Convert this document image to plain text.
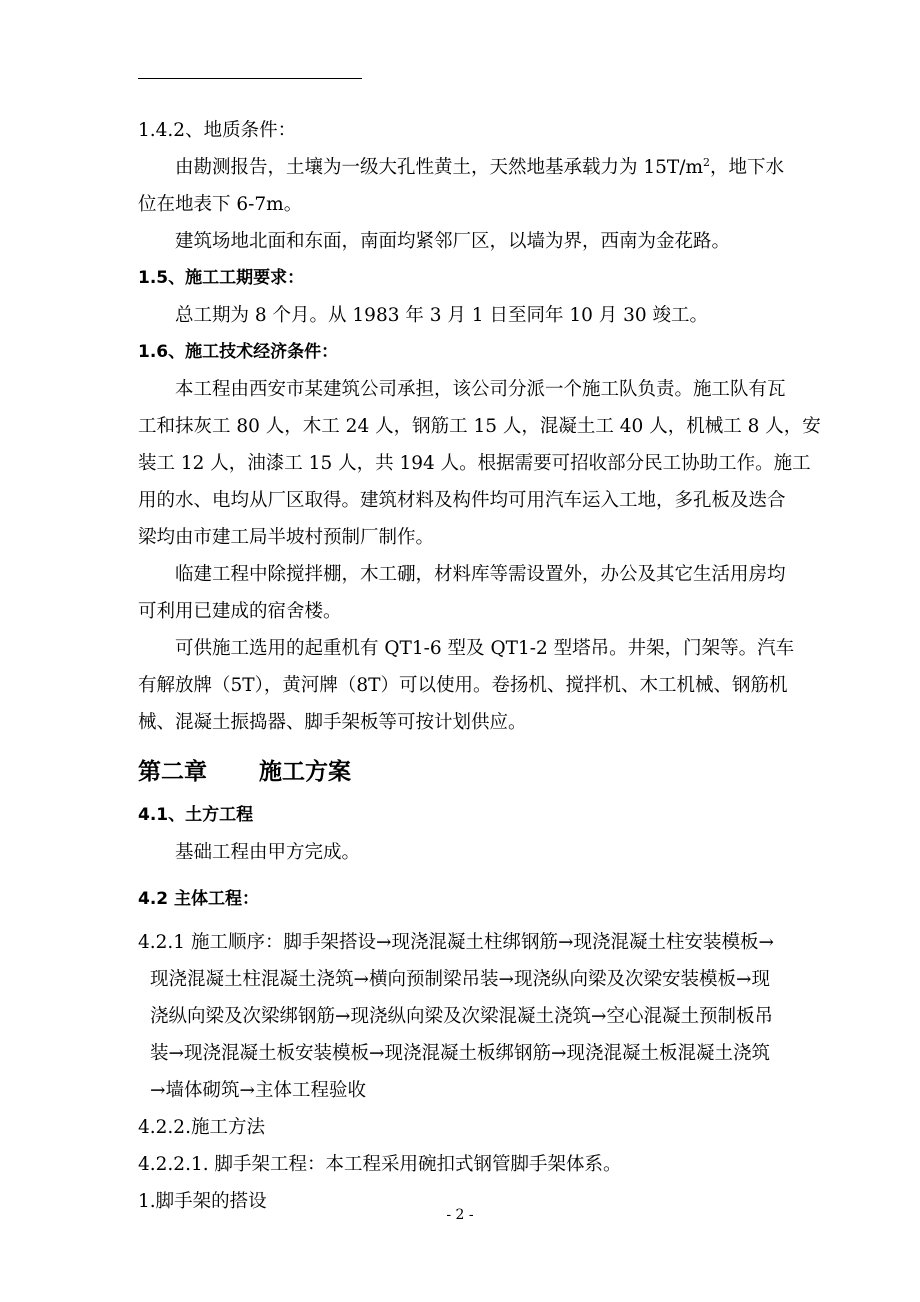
1.4.2、地质条件：
由勘测报告，土壤为一级大孔性黄土，天然地基承载力为 $15T/m^2$，地下水
位在地表下 6-7m。
建筑场地北面和东面，南面均紧邻厂区，以墙为界，西南为金花路。
1.5、施工工期要求：
总工期为 8 个月。从 1983 年 3 月 1 日至同年 10 月 30 竣工。
1.6、施工技术经济条件：
本工程由西安市某建筑公司承担，该公司分派一个施工队负责。施工队有瓦
工和抹灰工 80 人，木工 24 人，钢筋工 15 人，混凝土工 40 人，机械工 8 人，安
装工 12 人，油漆工 15 人，共 194 人。根据需要可招收部分民工协助工作。施工
用的水、电均从厂区取得。建筑材料及构件均可用汽车运入工地，多孔板及迭合
梁均由市建工局半坡村预制厂制作。
临建工程中除搅拌棚，木工硼，材料库等需设置外，办公及其它生活用房均
可利用已建成的宿舍楼。
可供施工选用的起重机有 QT1-6 型及 QT1-2 型塔吊。井架，门架等。汽车
有解放牌（5T），黄河牌（8T）可以使用。卷扬机、搅拌机、木工机械、钢筋机
械、混凝土振捣器、脚手架板等可按计划供应。
第二章 施工方案
4.1、土方工程
基础工程由甲方完成。
4.2 主体工程：
4.2.1 施工顺序：脚手架搭设→现浇混凝土柱绑钢筋→现浇混凝土柱安装模板→
现浇混凝土柱混凝土浇筑→横向预制梁吊装→现浇纵向梁及次梁安装模板→现
浇纵向梁及次梁绑钢筋→现浇纵向梁及次梁混凝土浇筑→空心混凝土预制板吊
装→现浇混凝土板安装模板→现浇混凝土板绑钢筋→现浇混凝土板混凝土浇筑
→墙体砌筑→主体工程验收
4.2.2.施工方法
4.2.2.1. 脚手架工程：本工程采用碗扣式钢管脚手架体系。
1.脚手架的搭设
- 2 -
